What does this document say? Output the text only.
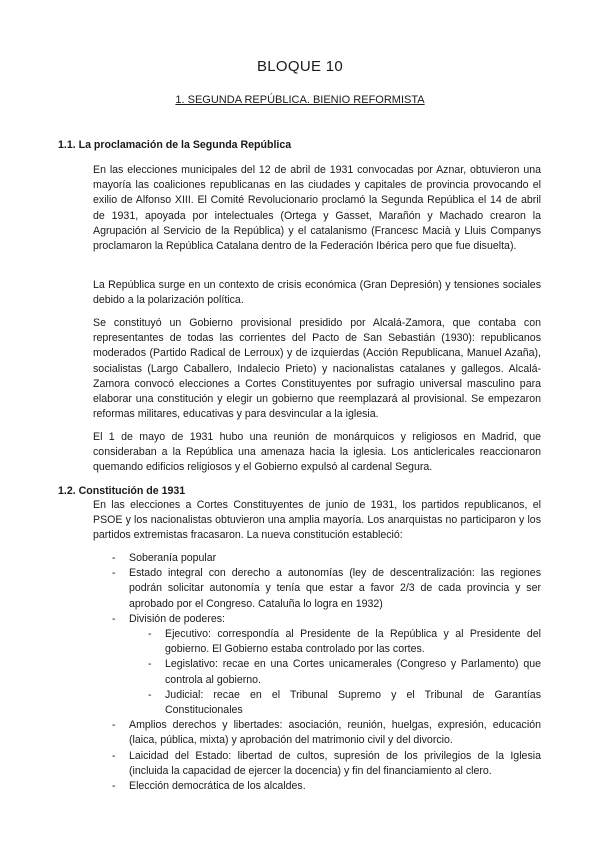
BLOQUE 10
1. SEGUNDA REPÚBLICA. BIENIO REFORMISTA
1.1. La proclamación de la Segunda República

En las elecciones municipales del 12 de abril de 1931 convocadas por Aznar, obtuvieron una mayoría las coaliciones republicanas en las ciudades y capitales de provincia provocando el exilio de Alfonso XIII. El Comité Revolucionario proclamó la Segunda República el 14 de abril de 1931, apoyada por intelectuales (Ortega y Gasset, Marañón y Machado crearon la Agrupación al Servicio de la República) y el catalanismo (Francesc Macià y Lluis Companys proclamaron la República Catalana dentro de la Federación Ibérica pero que fue disuelta).

La República surge en un contexto de crisis económica (Gran Depresión) y tensiones sociales debido a la polarización política.

Se constituyó un Gobierno provisional presidido por Alcalá-Zamora, que contaba con representantes de todas las corrientes del Pacto de San Sebastián (1930): republicanos moderados (Partido Radical de Lerroux) y de izquierdas (Acción Republicana, Manuel Azaña), socialistas (Largo Caballero, Indalecio Prieto) y nacionalistas catalanes y gallegos. Alcalá-Zamora convocó elecciones a Cortes Constituyentes por sufragio universal masculino para elaborar una constitución y elegir un gobierno que reemplazará al provisional. Se empezaron reformas militares, educativas y para desvincular a la iglesia.

El 1 de mayo de 1931 hubo una reunión de monárquicos y religiosos en Madrid, que consideraban a la República una amenaza hacia la iglesia. Los anticlericales reaccionaron quemando edificios religiosos y el Gobierno expulsó al cardenal Segura.

1.2. Constitución de 1931

En las elecciones a Cortes Constituyentes de junio de 1931, los partidos republicanos, el PSOE y los nacionalistas obtuvieron una amplia mayoría. Los anarquistas no participaron y los partidos extremistas fracasaron. La nueva constitución estableció:

- Soberanía popular
- Estado integral con derecho a autonomías (ley de descentralización: las regiones podrán solicitar autonomía y tenía que estar a favor 2/3 de cada provincia y ser aprobado por el Congreso. Cataluña lo logra en 1932)
- División de poderes:
- Ejecutivo: correspondía al Presidente de la República y al Presidente del gobierno. El Gobierno estaba controlado por las cortes.
- Legislativo: recae en una Cortes unicamerales (Congreso y Parlamento) que controla al gobierno.
- Judicial: recae en el Tribunal Supremo y el Tribunal de Garantías Constitucionales
- Amplios derechos y libertades: asociación, reunión, huelgas, expresión, educación (laica, pública, mixta) y aprobación del matrimonio civil y del divorcio.
- Laicidad del Estado: libertad de cultos, supresión de los privilegios de la Iglesia (incluida la capacidad de ejercer la docencia) y fin del financiamiento al clero.
- Elección democrática de los alcaldes.
